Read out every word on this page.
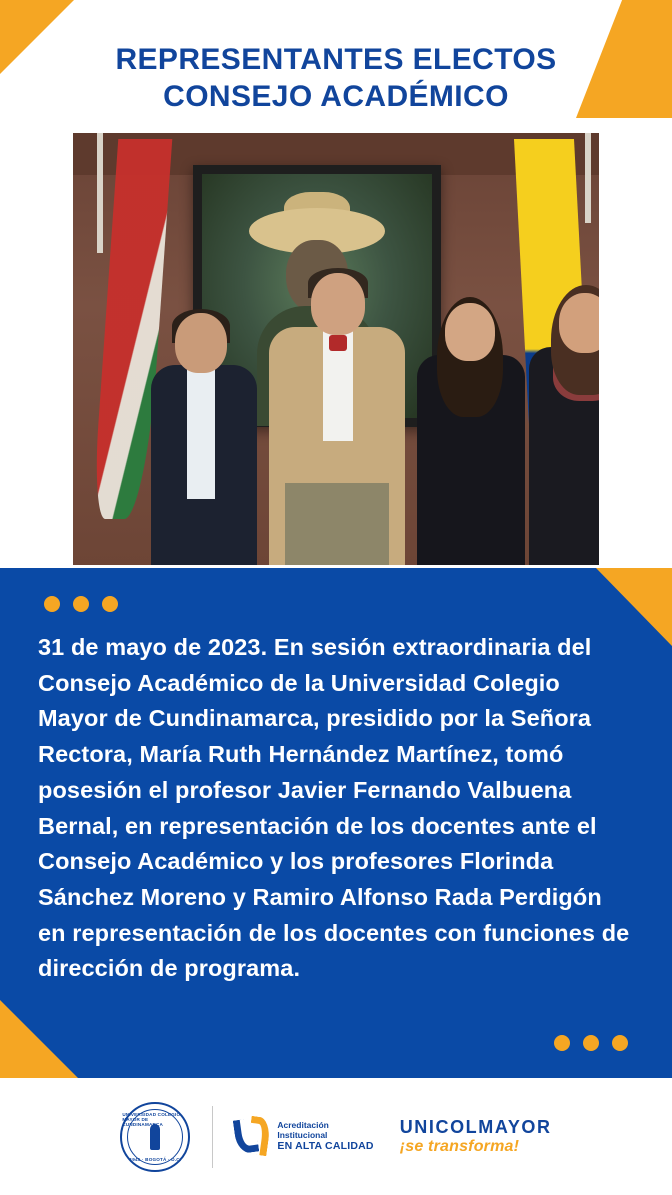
REPRESENTANTES ELECTOS
CONSEJO ACADÉMICO
31 de mayo de 2023. En sesión extraordinaria del Consejo Académico de la Universidad Colegio Mayor de Cundinamarca, presidido por la Señora Rectora, María Ruth Hernández Martínez, tomó posesión el profesor Javier Fernando Valbuena Bernal, en representación de los docentes ante el Consejo Académico y los profesores Florinda Sánchez Moreno y Ramiro Alfonso Rada Perdigón en representación de los docentes con funciones de dirección de programa.
UNIVERSIDAD COLEGIO MAYOR DE CUNDINAMARCA
1945 · BOGOTÁ · D.C.
Acreditación
Institucional
EN ALTA CALIDAD
UNICOLMAYOR
¡se transforma!
